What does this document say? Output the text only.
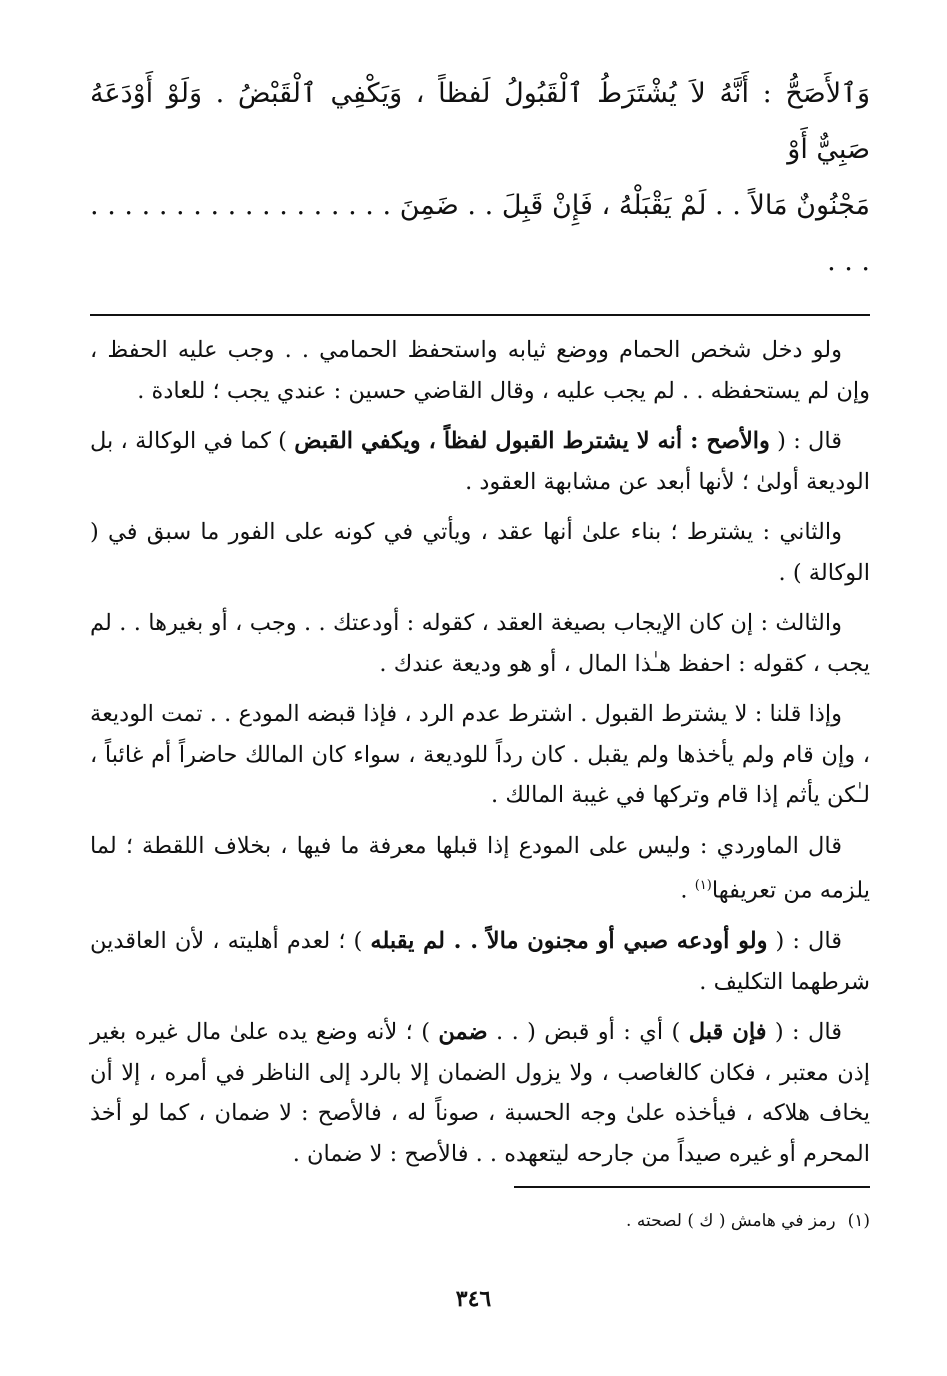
وَٱلأَصَحُّ : أَنَّهُ لاَ يُشْتَرَطُ ٱلْقَبُولُ لَفظاً ، وَيَكْفِي ٱلْقَبْضُ . وَلَوْ أَوْدَعَهُ صَبِيٌّ أَوْ
مَجْنُونٌ مَالاً . . لَمْ يَقْبَلْهُ ، فَإِنْ قَبِلَ . . ضَمِنَ . . . . . . . . . . . . . . . . . . . . .

ولو دخل شخص الحمام ووضع ثيابه واستحفظ الحمامي . . وجب عليه الحفظ ، وإن لم يستحفظه . . لم يجب عليه ، وقال القاضي حسين : عندي يجب ؛ للعادة .

قال : ( والأصح : أنه لا يشترط القبول لفظاً ، ويكفي القبض ) كما في الوكالة ، بل الوديعة أولىٰ ؛ لأنها أبعد عن مشابهة العقود .

والثاني : يشترط ؛ بناء علىٰ أنها عقد ، ويأتي في كونه على الفور ما سبق في ( الوكالة ) .

والثالث : إن كان الإيجاب بصيغة العقد ، كقوله : أودعتك . . وجب ، أو بغيرها . . لم يجب ، كقوله : احفظ هـٰذا المال ، أو هو وديعة عندك .

وإذا قلنا : لا يشترط القبول . اشترط عدم الرد ، فإذا قبضه المودع . . تمت الوديعة ، وإن قام ولم يأخذها ولم يقبل . كان رداً للوديعة ، سواء كان المالك حاضراً أم غائباً ، لـٰكن يأثم إذا قام وتركها في غيبة المالك .

قال الماوردي : وليس على المودع إذا قبلها معرفة ما فيها ، بخلاف اللقطة ؛ لما يلزمه من تعريفها$^{(١)}$ .

قال : ( ولو أودعه صبي أو مجنون مالاً . . لم يقبله ) ؛ لعدم أهليته ، لأن العاقدين شرطهما التكليف .

قال : ( فإن قبل ) أي : أو قبض ( . . ضمن ) ؛ لأنه وضع يده علىٰ مال غيره بغير إذن معتبر ، فكان كالغاصب ، ولا يزول الضمان إلا بالرد إلى الناظر في أمره ، إلا أن يخاف هلاكه ، فيأخذه علىٰ وجه الحسبة ، صوناً له ، فالأصح : لا ضمان ، كما لو أخذ المحرم أو غيره صيداً من جارحه ليتعهده . . فالأصح : لا ضمان .

(١)رمز في هامش ( ك ) لصحته .

٣٤٦
